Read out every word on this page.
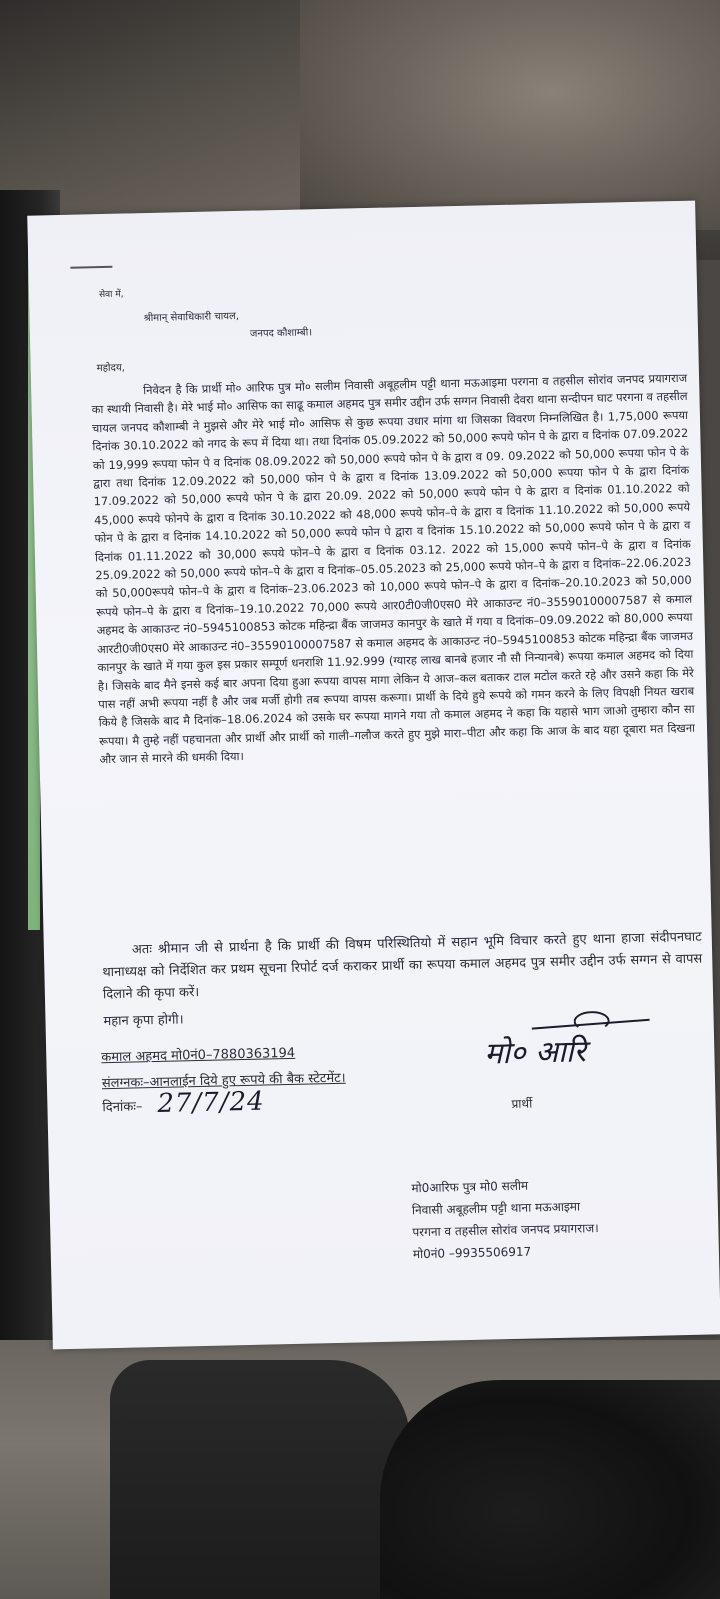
सेवा में,
श्रीमान् सेवाधिकारी चायल,
जनपद कौशाम्बी।
महोदय,
निवेदन है कि प्रार्थी मो० आरिफ पुत्र मो० सलीम निवासी अबूहलीम पट्टी थाना मऊआइमा परगना व तहसील सोरांव जनपद प्रयागराज का स्थायी निवासी है। मेरे भाई मो० आसिफ का साढू कमाल अहमद पुत्र समीर उद्दीन उर्फ सग्गन निवासी देवरा थाना सन्दीपन घाट परगना व तहसील चायल जनपद कौशाम्बी ने मुझसे और मेरे भाई मो० आसिफ से कुछ रूपया उधार मांगा था जिसका विवरण निम्नलिखित है। 1,75,000 रूपया दिनांक 30.10.2022 को नगद के रूप में दिया था। तथा दिनांक 05.09.2022 को 50,000 रूपये फोन पे के द्वारा व दिनांक 07.09.2022 को 19,999 रूपया फोन पे व दिनांक 08.09.2022 को 50,000 रूपये फोन पे के द्वारा व 09. 09.2022 को 50,000 रूपया फोन पे के द्वारा तथा दिनांक 12.09.2022 को 50,000 फोन पे के द्वारा व दिनांक 13.09.2022 को 50,000 रूपया फोन पे के द्वारा दिनांक 17.09.2022 को 50,000 रूपये फोन पे के द्वारा 20.09. 2022 को 50,000 रूपये फोन पे के द्वारा व दिनांक 01.10.2022 को 45,000 रूपये फोनपे के द्वारा व दिनांक 30.10.2022 को 48,000 रूपये फोन–पे के द्वारा व दिनांक 11.10.2022 को 50,000 रूपये फोन पे के द्वारा व दिनांक 14.10.2022 को 50,000 रूपये फोन पे द्वारा व दिनांक 15.10.2022 को 50,000 रूपये फोन पे के द्वारा व दिनांक 01.11.2022 को 30,000 रूपये फोन–पे के द्वारा व दिनांक 03.12. 2022 को 15,000 रूपये फोन–पे के द्वारा व दिनांक 25.09.2022 को 50,000 रूपये फोन–पे के द्वारा व दिनांक–05.05.2023 को 25,000 रूपये फोन–पे के द्वारा व दिनांक–22.06.2023 को 50,000रूपये फोन–पे के द्वारा व दिनांक–23.06.2023 को 10,000 रूपये फोन–पे के द्वारा व दिनांक–20.10.2023 को 50,000 रूपये फोन–पे के द्वारा व दिनांक–19.10.2022 70,000 रूपये आर0टी0जी0एस0 मेरे आकाउन्ट नं0–35590100007587 से कमाल अहमद के आकाउन्ट नं0–5945100853 कोटक महिन्द्रा बैंक जाजमउ कानपुर के खाते में गया व दिनांक–09.09.2022 को 80,000 रूपया आरटी0जी0एस0 मेरे आकाउन्ट नं0–35590100007587 से कमाल अहमद के आकाउन्ट नं0–5945100853 कोटक महिन्द्रा बैंक जाजमउ कानपुर के खाते में गया कुल इस प्रकार सम्पूर्ण धनराशि 11.92.999 (ग्यारह लाख बानबे हजार नौ सौ निन्यानबे) रूपया कमाल अहमद को दिया है। जिसके बाद मैने इनसे कई बार अपना दिया हुआ रूपया वापस मागा लेकिन ये आज–कल बताकर टाल मटोल करते रहे और उसने कहा कि मेरे पास नहीं अभी रूपया नहीं है और जब मर्जी होगी तब रूपया वापस करूगा। प्रार्थी के दिये हुये रूपये को गमन करने के लिए विपक्षी नियत खराब किये है जिसके बाद मै दिनांक–18.06.2024 को उसके घर रूपया मागने गया तो कमाल अहमद ने कहा कि यहासे भाग जाओ तुम्हारा कौन सा रूपया। मै तुम्हे नहीं पहचानता और प्रार्थी और प्रार्थी को गाली–गलौज करते हुए मुझे मारा–पीटा और कहा कि आज के बाद यहा दूबारा मत दिखना और जान से मारने की धमकी दिया।
अतः श्रीमान जी से प्रार्थना है कि प्रार्थी की विषम परिस्थितियो में सहान भूमि विचार करते हुए थाना हाजा संदीपनघाट थानाध्यक्ष को निर्देशित कर प्रथम सूचना रिपोर्ट दर्ज कराकर प्रार्थी का रूपया कमाल अहमद पुत्र समीर उद्दीन उर्फ सग्गन से वापस दिलाने की कृपा करें।
महान कृपा होगी।
कमाल अहमद मो0नं0–7880363194
संलग्नकः–आनलाईन दिये हुए रूपये की बैक स्टेटमेंट।
दिनांकः– 27/7/24
मो० आरि
प्रार्थी
मो0आरिफ पुत्र मो0 सलीम
निवासी अबूहलीम पट्टी थाना मऊआइमा
परगना व तहसील सोरांव जनपद प्रयागराज।
मो0नं0 –9935506917
